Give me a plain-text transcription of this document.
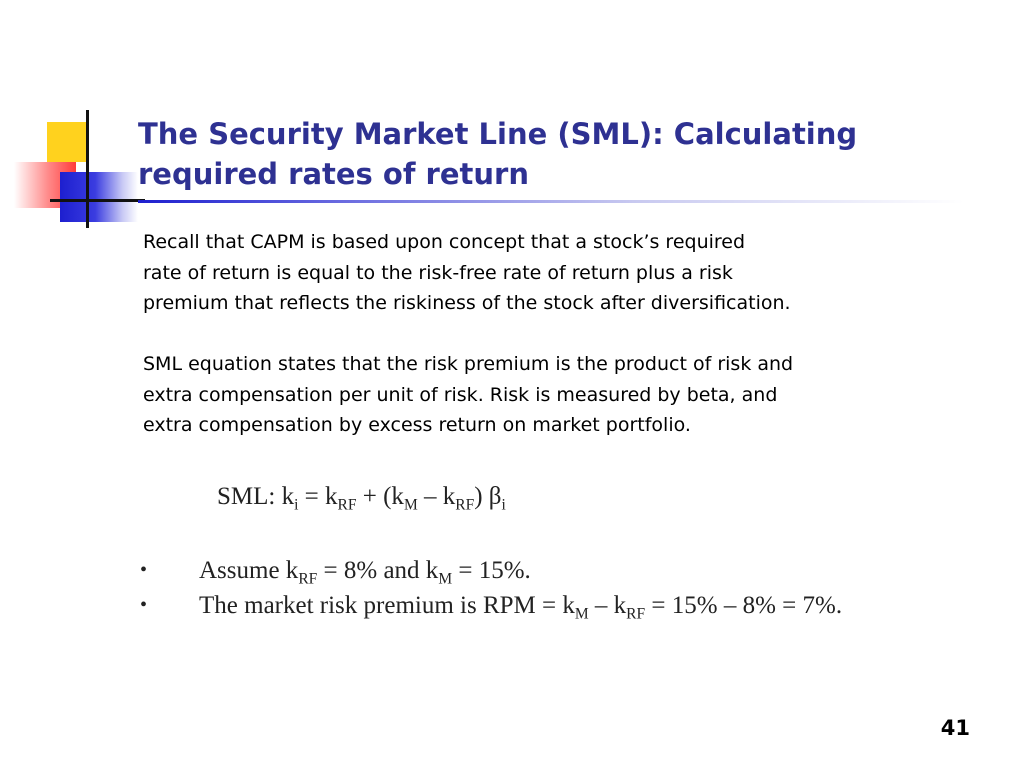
The Security Market Line (SML): Calculating required rates of return

Recall that CAPM is based upon concept that a stock’s required
rate of return is equal to the risk-free rate of return plus a risk
premium that reflects the riskiness of the stock after diversification.

SML equation states that the risk premium is the product of risk and
extra compensation per unit of risk. Risk is measured by beta, and
extra compensation by excess return on market portfolio.

SML: $k_i = k_{RF} + (k_M - k_{RF})$ $\beta_i$
• Assume $k_{RF} = 8\%$ and $k_M = 15\%$.
• The market risk premium is RPM = $k_M - k_{RF} = 15\% - 8\% = 7\%$.
41
